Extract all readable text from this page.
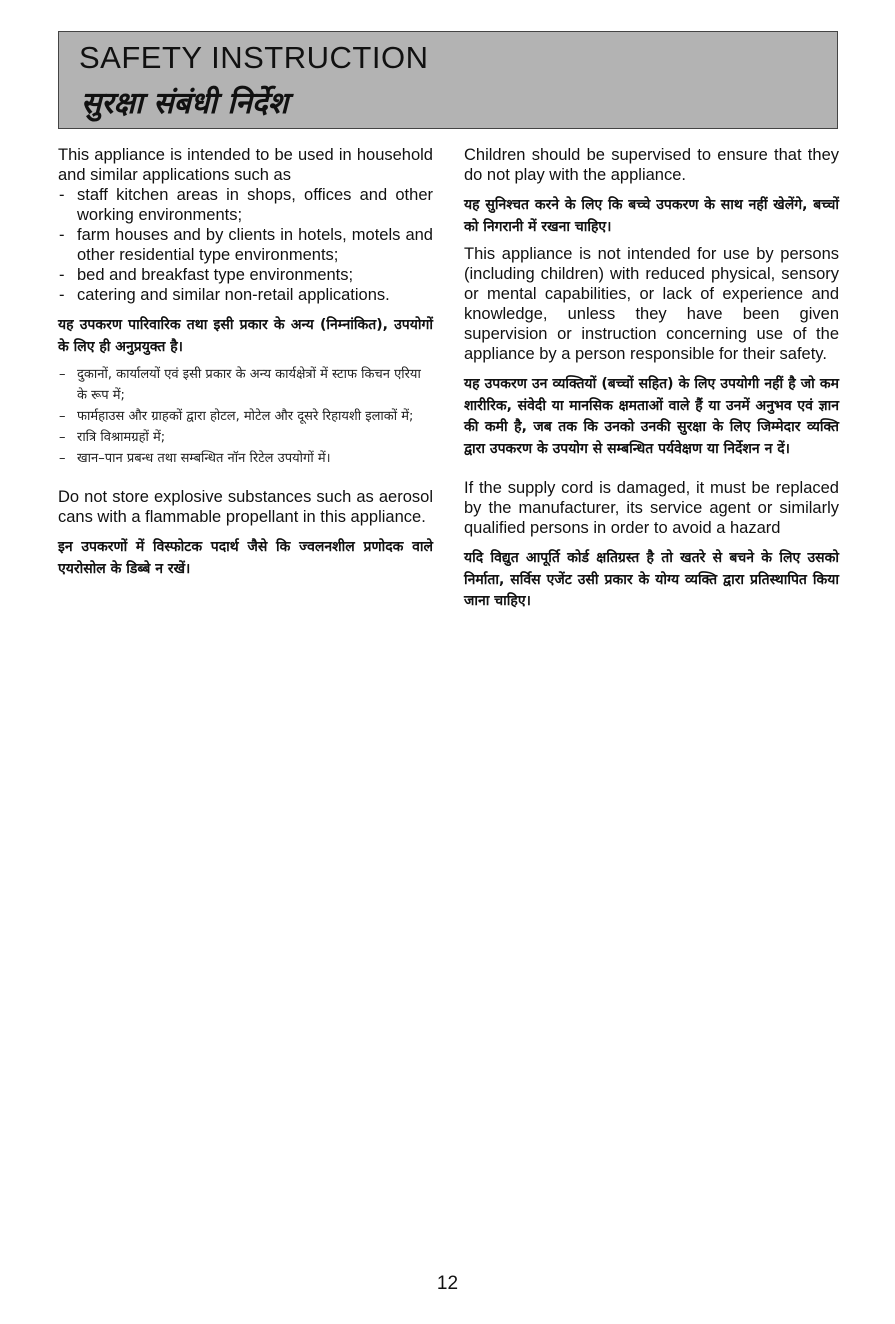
SAFETY INSTRUCTION
सुरक्षा संबंधी निर्देश

This appliance is intended to be used in household and similar applications such as

- staff kitchen areas in shops, offices and other working environments;
- farm houses and by clients in hotels, motels and other residential type environments;
- bed and breakfast type environments;
- catering and similar non-retail applications.

यह उपकरण पारिवारिक तथा इसी प्रकार के अन्य (निम्नांकित), उपयोगों के लिए ही अनुप्रयुक्त है।

– दुकानों, कार्यालयों एवं इसी प्रकार के अन्य कार्यक्षेत्रों में स्टाफ किचन एरिया के रूप में;
– फार्महाउस और ग्राहकों द्वारा होटल, मोटेल और दूसरे रिहायशी इलाकों में;
– रात्रि विश्रामग्रहों में;
– खान–पान प्रबन्ध तथा सम्बन्धित नॉन रिटेल उपयोगों में।

Do not store explosive substances such as aerosol cans with a flammable propellant in this appliance.

इन उपकरणों में विस्फोटक पदार्थ जैसे कि ज्वलनशील प्रणोदक वाले एयरोसोल के डिब्बे न रखें।

Children should be supervised to ensure that they do not play with the appliance.

यह सुनिश्चत करने के लिए कि बच्चे उपकरण के साथ नहीं खेलेंगे, बच्चों को निगरानी में रखना चाहिए।

This appliance is not intended for use by persons (including children) with reduced physical, sensory or mental capabilities, or lack of experience and knowledge, unless they have been given supervision or instruction concerning use of the appliance by a person responsible for their safety.

यह उपकरण उन व्यक्तियों (बच्चों सहित) के लिए उपयोगी नहीं है जो कम शारीरिक, संवेदी या मानसिक क्षमताओं वाले हैं या उनमें अनुभव एवं ज्ञान की कमी है, जब तक कि उनको उनकी सुरक्षा के लिए जिम्मेदार व्यक्ति द्वारा उपकरण के उपयोग से सम्बन्धित पर्यवेक्षण या निर्देशन न दें।

If the supply cord is damaged, it must be replaced by the manufacturer, its service agent or similarly qualified persons in order to avoid a hazard

यदि विद्युत आपूर्ति कोर्ड क्षतिग्रस्त है तो खतरे से बचने के लिए उसको निर्माता, सर्विस एजेंट उसी प्रकार के योग्य व्यक्ति द्वारा प्रतिस्थापित किया जाना चाहिए।

12
